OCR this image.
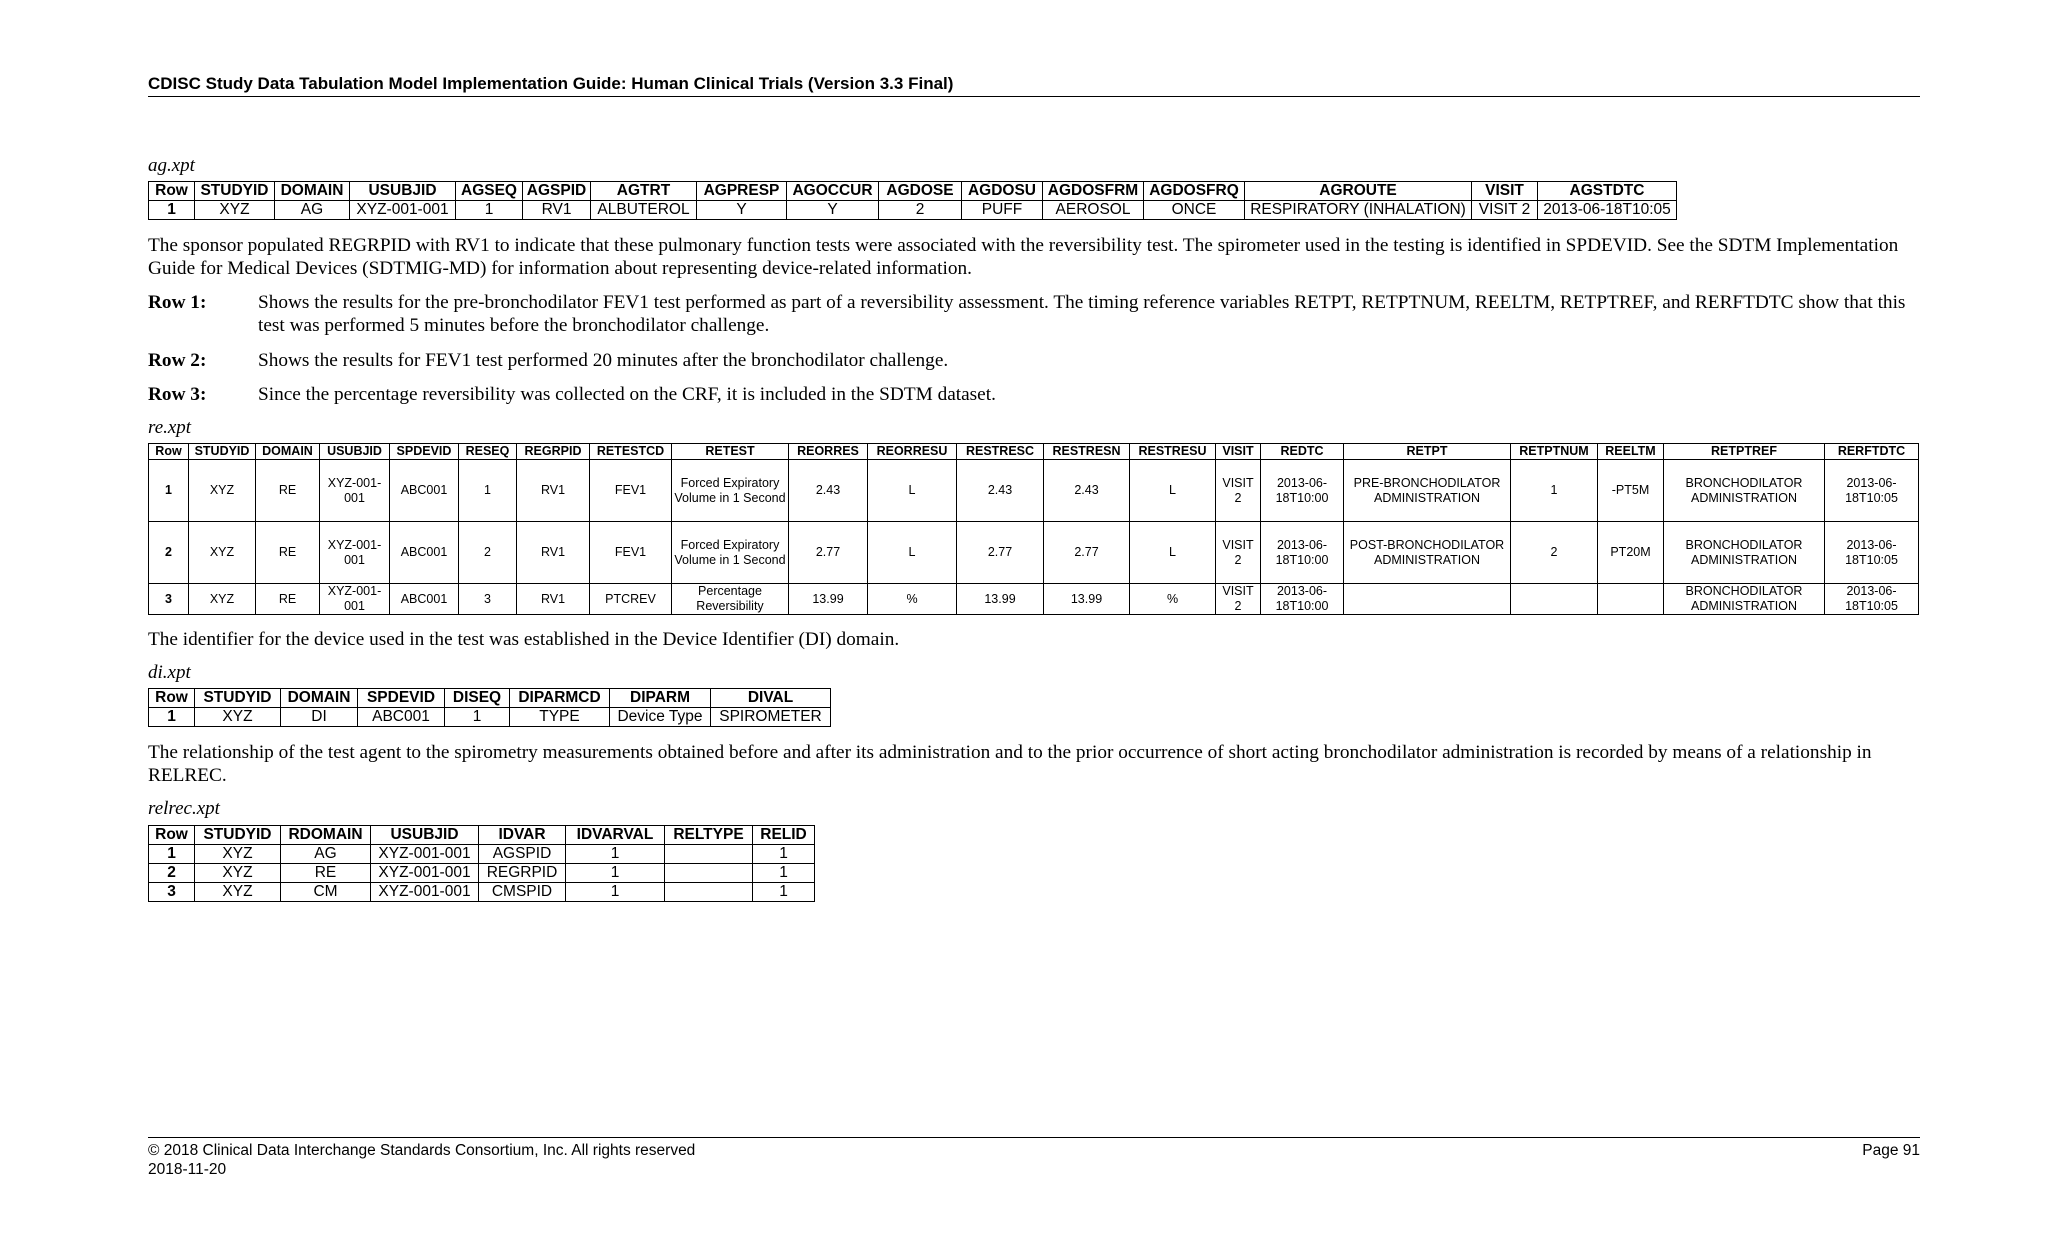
CDISC Study Data Tabulation Model Implementation Guide: Human Clinical Trials (Version 3.3 Final)
ag.xpt
Row	STUDYID	DOMAIN	USUBJID	AGSEQ	AGSPID	AGTRT	AGPRESP	AGOCCUR	AGDOSE	AGDOSU	AGDOSFRM	AGDOSFRQ	AGROUTE	VISIT	AGSTDTC
1	XYZ	AG	XYZ-001-001	1	RV1	ALBUTEROL	Y	Y	2	PUFF	AEROSOL	ONCE	RESPIRATORY (INHALATION)	VISIT 2	2013-06-18T10:05
The sponsor populated REGRPID with RV1 to indicate that these pulmonary function tests were associated with the reversibility test. The spirometer used in the testing is identified in SPDEVID. See the SDTM Implementation Guide for Medical Devices (SDTMIG-MD) for information about representing device-related information.
Row 1:	Shows the results for the pre-bronchodilator FEV1 test performed as part of a reversibility assessment. The timing reference variables RETPT, RETPTNUM, REELTM, RETPTREF, and RERFTDTC show that this test was performed 5 minutes before the bronchodilator challenge.
Row 2:	Shows the results for FEV1 test performed 20 minutes after the bronchodilator challenge.
Row 3:	Since the percentage reversibility was collected on the CRF, it is included in the SDTM dataset.
re.xpt
Row	STUDYID	DOMAIN	USUBJID	SPDEVID	RESEQ	REGRPID	RETESTCD	RETEST	REORRES	REORRESU	RESTRESC	RESTRESN	RESTRESU	VISIT	REDTC	RETPT	RETPTNUM	REELTM	RETPTREF	RERFTDTC
1	XYZ	RE	XYZ-001-001	ABC001	1	RV1	FEV1	Forced Expiratory Volume in 1 Second	2.43	L	2.43	2.43	L	VISIT 2	2013-06-18T10:00	PRE-BRONCHODILATOR ADMINISTRATION	1	-PT5M	BRONCHODILATOR ADMINISTRATION	2013-06-18T10:05
2	XYZ	RE	XYZ-001-001	ABC001	2	RV1	FEV1	Forced Expiratory Volume in 1 Second	2.77	L	2.77	2.77	L	VISIT 2	2013-06-18T10:00	POST-BRONCHODILATOR ADMINISTRATION	2	PT20M	BRONCHODILATOR ADMINISTRATION	2013-06-18T10:05
3	XYZ	RE	XYZ-001-001	ABC001	3	RV1	PTCREV	Percentage Reversibility	13.99	%	13.99	13.99	%	VISIT 2	2013-06-18T10:00				BRONCHODILATOR ADMINISTRATION	2013-06-18T10:05
The identifier for the device used in the test was established in the Device Identifier (DI) domain.
di.xpt
Row	STUDYID	DOMAIN	SPDEVID	DISEQ	DIPARMCD	DIPARM	DIVAL
1	XYZ	DI	ABC001	1	TYPE	Device Type	SPIROMETER
The relationship of the test agent to the spirometry measurements obtained before and after its administration and to the prior occurrence of short acting bronchodilator administration is recorded by means of a relationship in RELREC.
relrec.xpt
Row	STUDYID	RDOMAIN	USUBJID	IDVAR	IDVARVAL	RELTYPE	RELID
1	XYZ	AG	XYZ-001-001	AGSPID	1		1
2	XYZ	RE	XYZ-001-001	REGRPID	1		1
3	XYZ	CM	XYZ-001-001	CMSPID	1		1
© 2018 Clinical Data Interchange Standards Consortium, Inc. All rights reserved
2018-11-20
Page 91
